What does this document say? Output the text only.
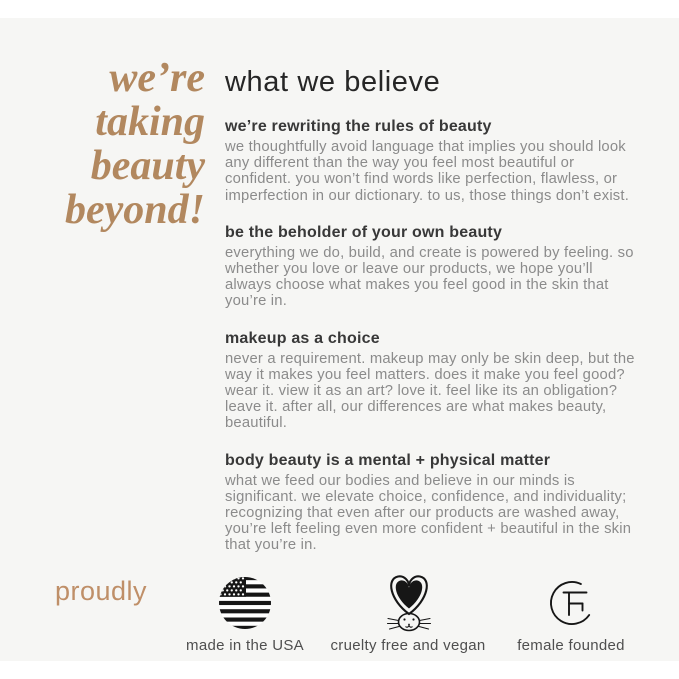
we’re
taking
beauty
beyond!
what we believe
we’re rewriting the rules of beauty
we thoughtfully avoid language that implies you should look any different than the way you feel most beautiful or confident. you won’t find words like perfection, flawless, or imperfection in our dictionary. to us, those things don’t exist.
be the beholder of your own beauty
everything we do, build, and create is powered by feeling. so whether you love or leave our products, we hope you’ll always choose what makes you feel good in the skin that you’re in.
makeup as a choice
never a requirement. makeup may only be skin deep, but the way it makes you feel matters. does it make you feel good? wear it. view it as an art? love it. feel like its an obligation? leave it. after all, our differences are what makes beauty, beautiful.
body beauty is a mental + physical matter
what we feed our bodies and believe in our minds is significant. we elevate choice, confidence, and individuality; recognizing that even after our products are washed away, you’re left feeling even more confident + beautiful in the skin that you’re in.
proudly
made in the USA	cruelty free and vegan	female founded
